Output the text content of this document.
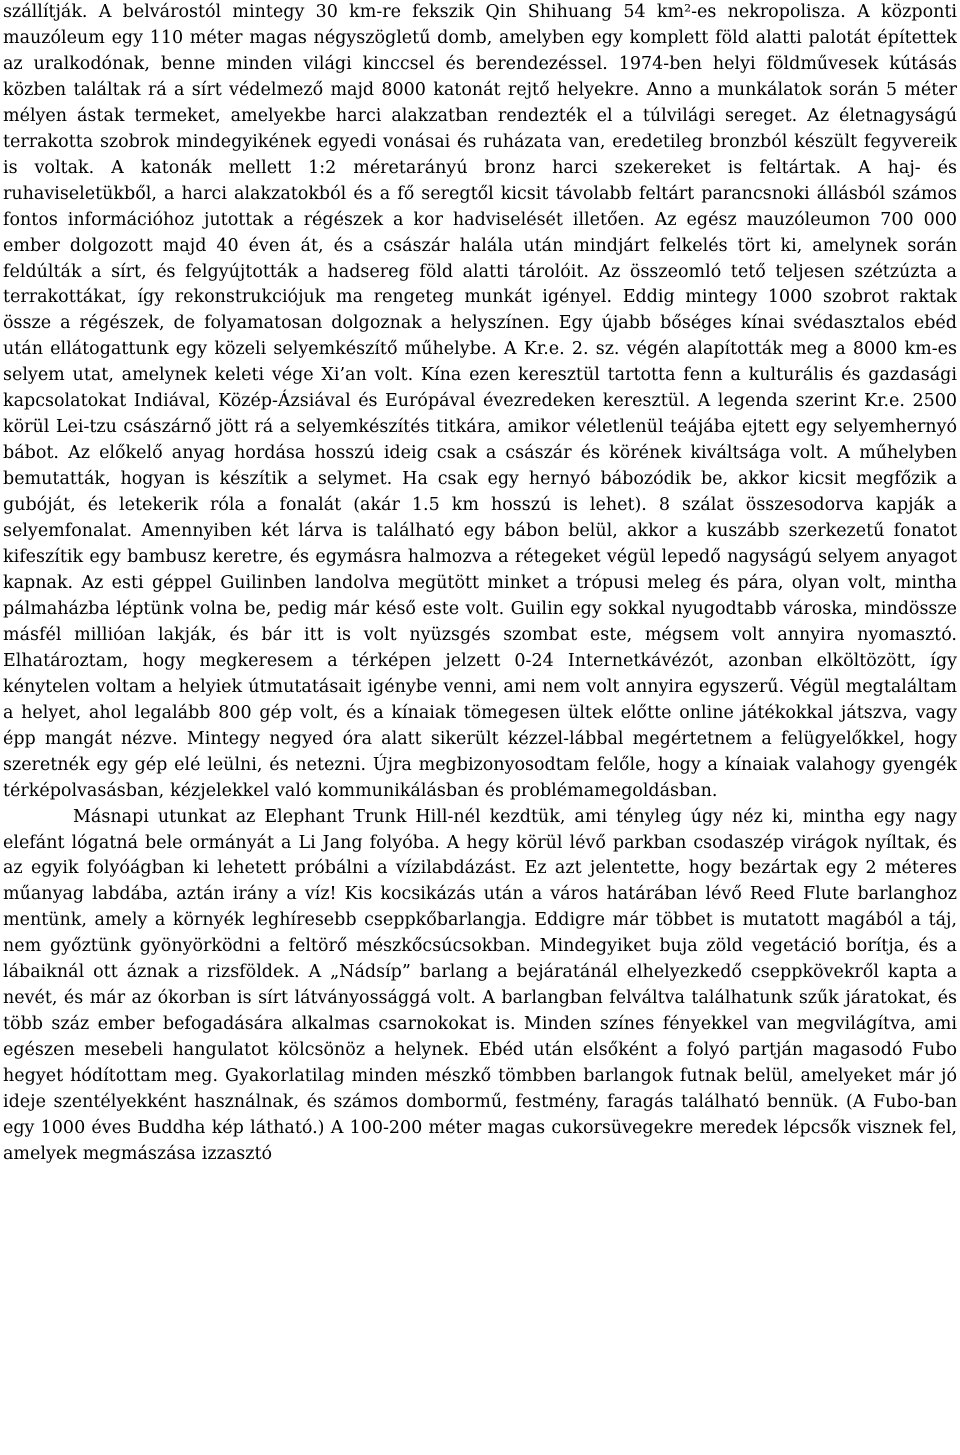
szállítják. A belvárostól mintegy 30 km-re fekszik Qin Shihuang 54 km²-es nekropolisza. A központi mauzóleum egy 110 méter magas négyszögletű domb, amelyben egy komplett föld alatti palotát építettek az uralkodónak, benne minden világi kinccsel és berendezéssel. 1974-ben helyi földművesek kútásás közben találtak rá a sírt védelmező majd 8000 katonát rejtő helyekre. Anno a munkálatok során 5 méter mélyen ástak termeket, amelyekbe harci alakzatban rendezték el a túlvilági sereget. Az életnagyságú terrakotta szobrok mindegyikének egyedi vonásai és ruházata van, eredetileg bronzból készült fegyvereik is voltak. A katonák mellett 1:2 méretarányú bronz harci szekereket is feltártak. A haj- és ruhaviseletükből, a harci alakzatokból és a fő seregtől kicsit távolabb feltárt parancsnoki állásból számos fontos információhoz jutottak a régészek a kor hadviselését illetően. Az egész mauzóleumon 700 000 ember dolgozott majd 40 éven át, és a császár halála után mindjárt felkelés tört ki, amelynek során feldúlták a sírt, és felgyújtották a hadsereg föld alatti tárolóit. Az összeomló tető teljesen szétzúzta a terrakottákat, így rekonstrukciójuk ma rengeteg munkát igényel. Eddig mintegy 1000 szobrot raktak össze a régészek, de folyamatosan dolgoznak a helyszínen. Egy újabb bőséges kínai svédasztalos ebéd után ellátogattunk egy közeli selyemkészítő műhelybe. A Kr.e. 2. sz. végén alapították meg a 8000 km-es selyem utat, amelynek keleti vége Xi’an volt. Kína ezen keresztül tartotta fenn a kulturális és gazdasági kapcsolatokat Indiával, Közép-Ázsiával és Európával évezredeken keresztül. A legenda szerint Kr.e. 2500 körül Lei-tzu császárnő jött rá a selyemkészítés titkára, amikor véletlenül teájába ejtett egy selyemhernyó bábot. Az előkelő anyag hordása hosszú ideig csak a császár és körének kiváltsága volt. A műhelyben bemutatták, hogyan is készítik a selymet. Ha csak egy hernyó bábozódik be, akkor kicsit megfőzik a gubóját, és letekerik róla a fonalát (akár 1.5 km hosszú is lehet). 8 szálat összesodorva kapják a selyemfonalat. Amennyiben két lárva is található egy bábon belül, akkor a kuszább szerkezetű fonatot kifeszítik egy bambusz keretre, és egymásra halmozva a rétegeket végül lepedő nagyságú selyem anyagot kapnak. Az esti géppel Guilinben landolva megütött minket a trópusi meleg és pára, olyan volt, mintha pálmaházba léptünk volna be, pedig már késő este volt. Guilin egy sokkal nyugodtabb városka, mindössze másfél millióan lakják, és bár itt is volt nyüzsgés szombat este, mégsem volt annyira nyomasztó. Elhatároztam, hogy megkeresem a térképen jelzett 0-24 Internetkávézót, azonban elköltözött, így kénytelen voltam a helyiek útmutatásait igénybe venni, ami nem volt annyira egyszerű. Végül megtaláltam a helyet, ahol legalább 800 gép volt, és a kínaiak tömegesen ültek előtte online játékokkal játszva, vagy épp mangát nézve. Mintegy negyed óra alatt sikerült kézzel-lábbal megértetnem a felügyelőkkel, hogy szeretnék egy gép elé leülni, és netezni. Újra megbizonyosodtam felőle, hogy a kínaiak valahogy gyengék térképolvasásban, kézjelekkel való kommunikálásban és problémamegoldásban.

Másnapi utunkat az Elephant Trunk Hill-nél kezdtük, ami tényleg úgy néz ki, mintha egy nagy elefánt lógatná bele ormányát a Li Jang folyóba. A hegy körül lévő parkban csodaszép virágok nyíltak, és az egyik folyóágban ki lehetett próbálni a vízilabdázást. Ez azt jelentette, hogy bezártak egy 2 méteres műanyag labdába, aztán irány a víz! Kis kocsikázás után a város határában lévő Reed Flute barlanghoz mentünk, amely a környék leghíresebb cseppkőbarlangja. Eddigre már többet is mutatott magából a táj, nem győztünk gyönyörködni a feltörő mészkőcsúcsokban. Mindegyiket buja zöld vegetáció borítja, és a lábaiknál ott áznak a rizsföldek. A „Nádsíp” barlang a bejáratánál elhelyezkedő cseppkövekről kapta a nevét, és már az ókorban is sírt látványossággá volt. A barlangban felváltva találhatunk szűk járatokat, és több száz ember befogadására alkalmas csarnokokat is. Minden színes fényekkel van megvilágítva, ami egészen mesebeli hangulatot kölcsönöz a helynek. Ebéd után elsőként a folyó partján magasodó Fubo hegyet hódítottam meg. Gyakorlatilag minden mészkő tömbben barlangok futnak belül, amelyeket már jó ideje szentélyekként használnak, és számos dombormű, festmény, faragás található bennük. (A Fubo-ban egy 1000 éves Buddha kép látható.) A 100-200 méter magas cukorsüvegekre meredek lépcsők visznek fel, amelyek megmászása izzasztó
